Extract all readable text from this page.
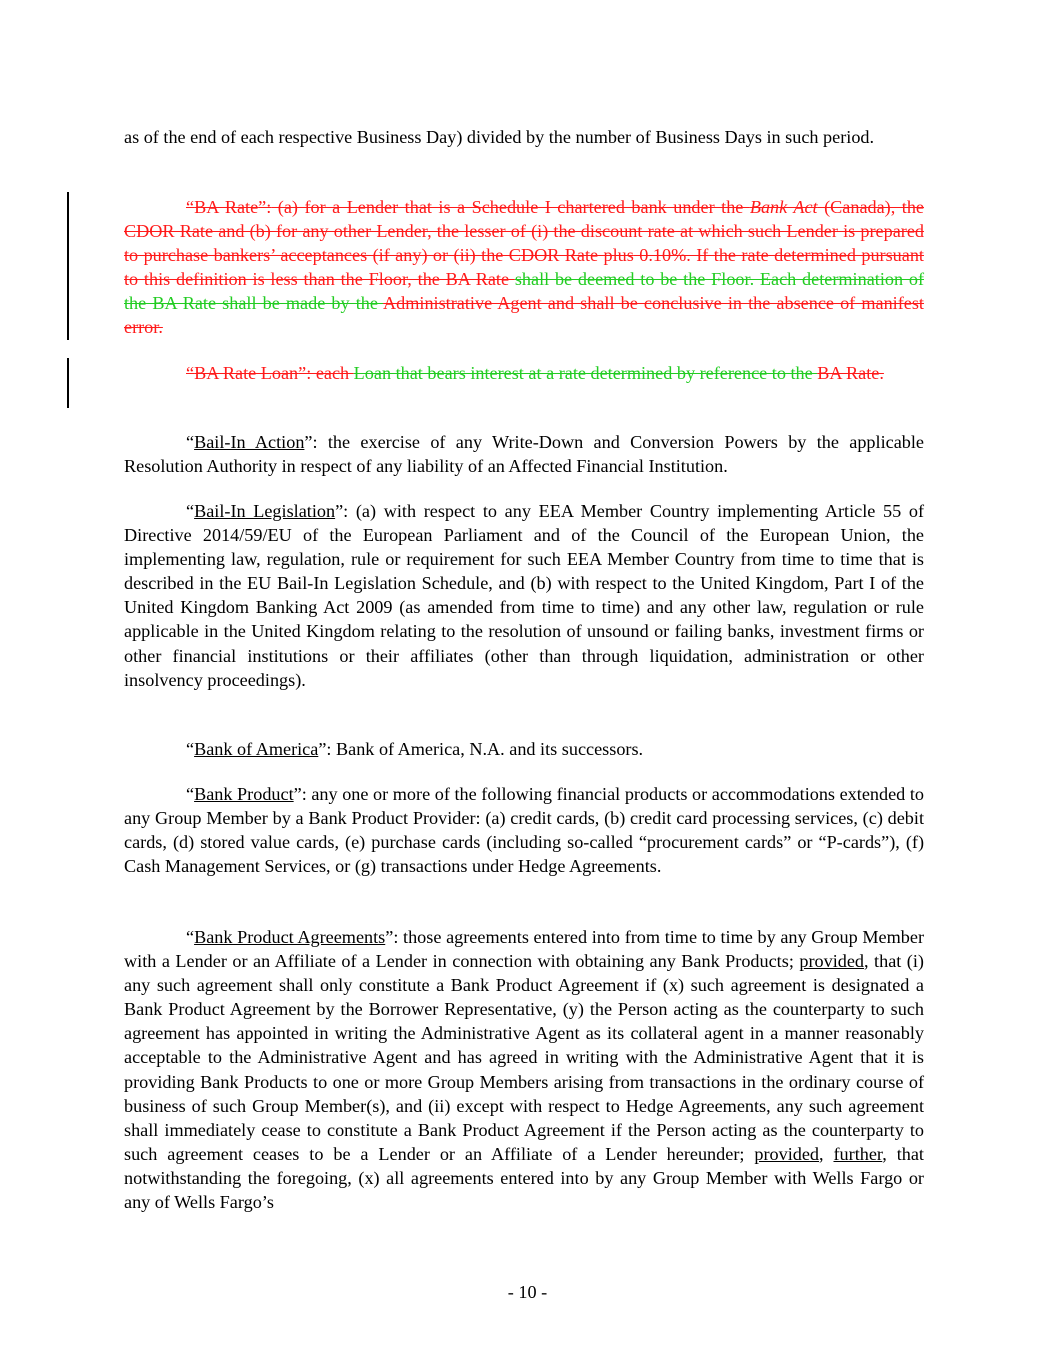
as of the end of each respective Business Day) divided by the number of Business Days in such period.

“BA Rate”: (a) for a Lender that is a Schedule I chartered bank under the Bank Act (Canada), the CDOR Rate and (b) for any other Lender, the lesser of (i) the discount rate at which such Lender is prepared to purchase bankers’ acceptances (if any) or (ii) the CDOR Rate plus 0.10%. If the rate determined pursuant to this definition is less than the Floor, the BA Rate shall be deemed to be the Floor. Each determination of the BA Rate shall be made by the Administrative Agent and shall be conclusive in the absence of manifest error.

“BA Rate Loan”: each Loan that bears interest at a rate determined by reference to the BA Rate.

“Bail-In Action”: the exercise of any Write-Down and Conversion Powers by the applicable Resolution Authority in respect of any liability of an Affected Financial Institution.

“Bail-In Legislation”: (a) with respect to any EEA Member Country implementing Article 55 of Directive 2014/59/EU of the European Parliament and of the Council of the European Union, the implementing law, regulation, rule or requirement for such EEA Member Country from time to time that is described in the EU Bail-In Legislation Schedule, and (b) with respect to the United Kingdom, Part I of the United Kingdom Banking Act 2009 (as amended from time to time) and any other law, regulation or rule applicable in the United Kingdom relating to the resolution of unsound or failing banks, investment firms or other financial institutions or their affiliates (other than through liquidation, administration or other insolvency proceedings).

“Bank of America”: Bank of America, N.A. and its successors.

“Bank Product”: any one or more of the following financial products or accommodations extended to any Group Member by a Bank Product Provider: (a) credit cards, (b) credit card processing services, (c) debit cards, (d) stored value cards, (e) purchase cards (including so-called “procurement cards” or “P-cards”), (f) Cash Management Services, or (g) transactions under Hedge Agreements.

“Bank Product Agreements”: those agreements entered into from time to time by any Group Member with a Lender or an Affiliate of a Lender in connection with obtaining any Bank Products; provided, that (i) any such agreement shall only constitute a Bank Product Agreement if (x) such agreement is designated a Bank Product Agreement by the Borrower Representative, (y) the Person acting as the counterparty to such agreement has appointed in writing the Administrative Agent as its collateral agent in a manner reasonably acceptable to the Administrative Agent and has agreed in writing with the Administrative Agent that it is providing Bank Products to one or more Group Members arising from transactions in the ordinary course of business of such Group Member(s), and (ii) except with respect to Hedge Agreements, any such agreement shall immediately cease to constitute a Bank Product Agreement if the Person acting as the counterparty to such agreement ceases to be a Lender or an Affiliate of a Lender hereunder; provided, further, that notwithstanding the foregoing, (x) all agreements entered into by any Group Member with Wells Fargo or any of Wells Fargo’s

- 10 -
